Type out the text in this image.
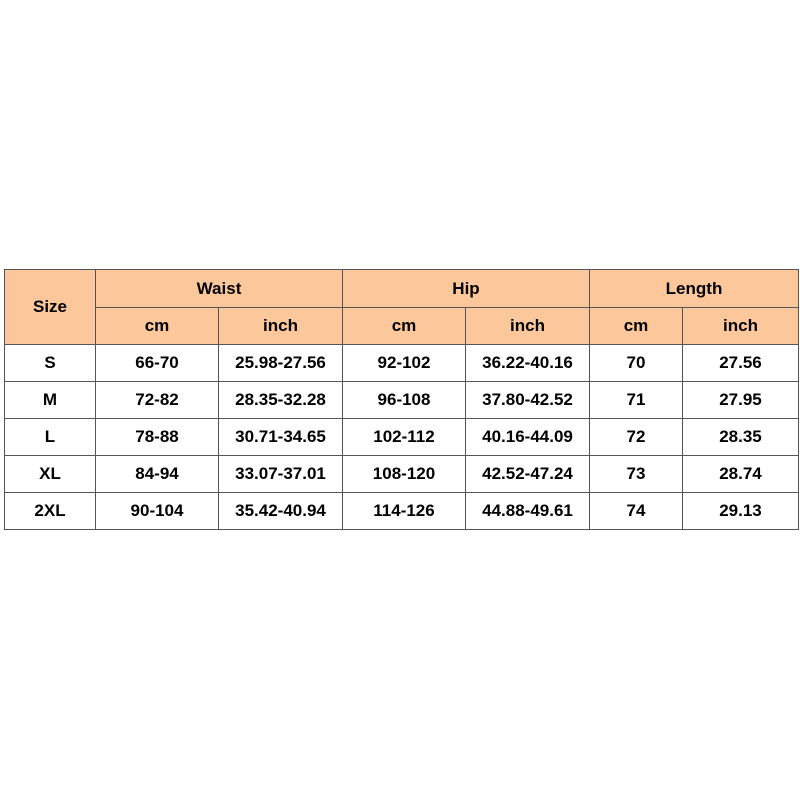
Size	Waist		Hip		Length	
	cm	inch	cm	inch	cm	inch
S	66-70	25.98-27.56	92-102	36.22-40.16	70	27.56
M	72-82	28.35-32.28	96-108	37.80-42.52	71	27.95
L	78-88	30.71-34.65	102-112	40.16-44.09	72	28.35
XL	84-94	33.07-37.01	108-120	42.52-47.24	73	28.74
2XL	90-104	35.42-40.94	114-126	44.88-49.61	74	29.13
